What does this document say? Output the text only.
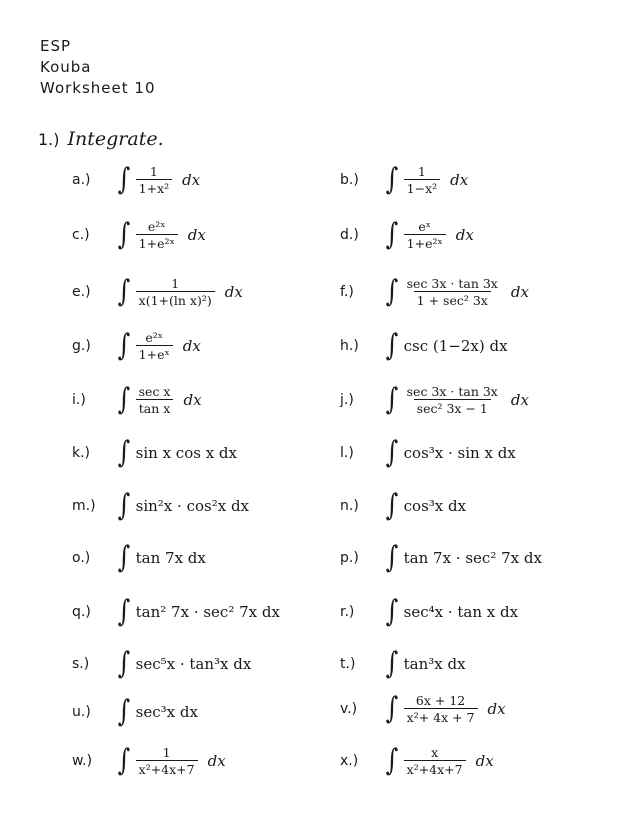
ESP
Kouba
Worksheet 10
1.) Integrate.
a.) ∫ $\frac{1}{\text{1+x²}}$ dx	b.) ∫ $\frac{1}{\text{1−x²}}$ dx
c.) ∫ $\frac{\text{e²ˣ}}{\text{1+e²ˣ}}$ dx	d.) ∫ $\frac{\text{eˣ}}{\text{1+e²ˣ}}$ dx
e.) ∫ $\frac{1}{\text{x(1+(ln x)²)}}$ dx	f.)	∫ $\frac{\sec 3x \cdot \tan 3x}{\text{1 + sec² 3x}}$ dx
g.) ∫ $\frac{\text{e²ˣ}}{\text{1+eˣ}}$ dx	h.) ∫ csc (1−2x) dx
i.)	∫ $\frac{\text{sec x}}{\text{tan x}}$ dx	j.)	∫ $\frac{\sec 3x \cdot \tan 3x}{\text{sec² 3x − 1}}$ dx
k.) ∫ sin x cos x dx	l.)	∫ cos³x · sin x dx
m.) ∫ sin²x · cos²x dx	n.) ∫ cos³x dx
o.) ∫ tan 7x dx	p.) ∫ tan 7x · sec² 7x dx
q.) ∫ tan² 7x · sec² 7x dx	r.)	∫ sec⁴x · tan x dx
s.) ∫ sec⁵x · tan³x dx	t.)	∫ tan³x dx
u.) ∫ sec³x dx	v.) ∫ $\frac{6x + 12}{\text{x²+ 4x + 7}}$ dx
w.) ∫ $\frac{1}{\text{x²+4x+7}}$ dx	x.) ∫ $\frac{x}{\text{x²+4x+7}}$ dx
